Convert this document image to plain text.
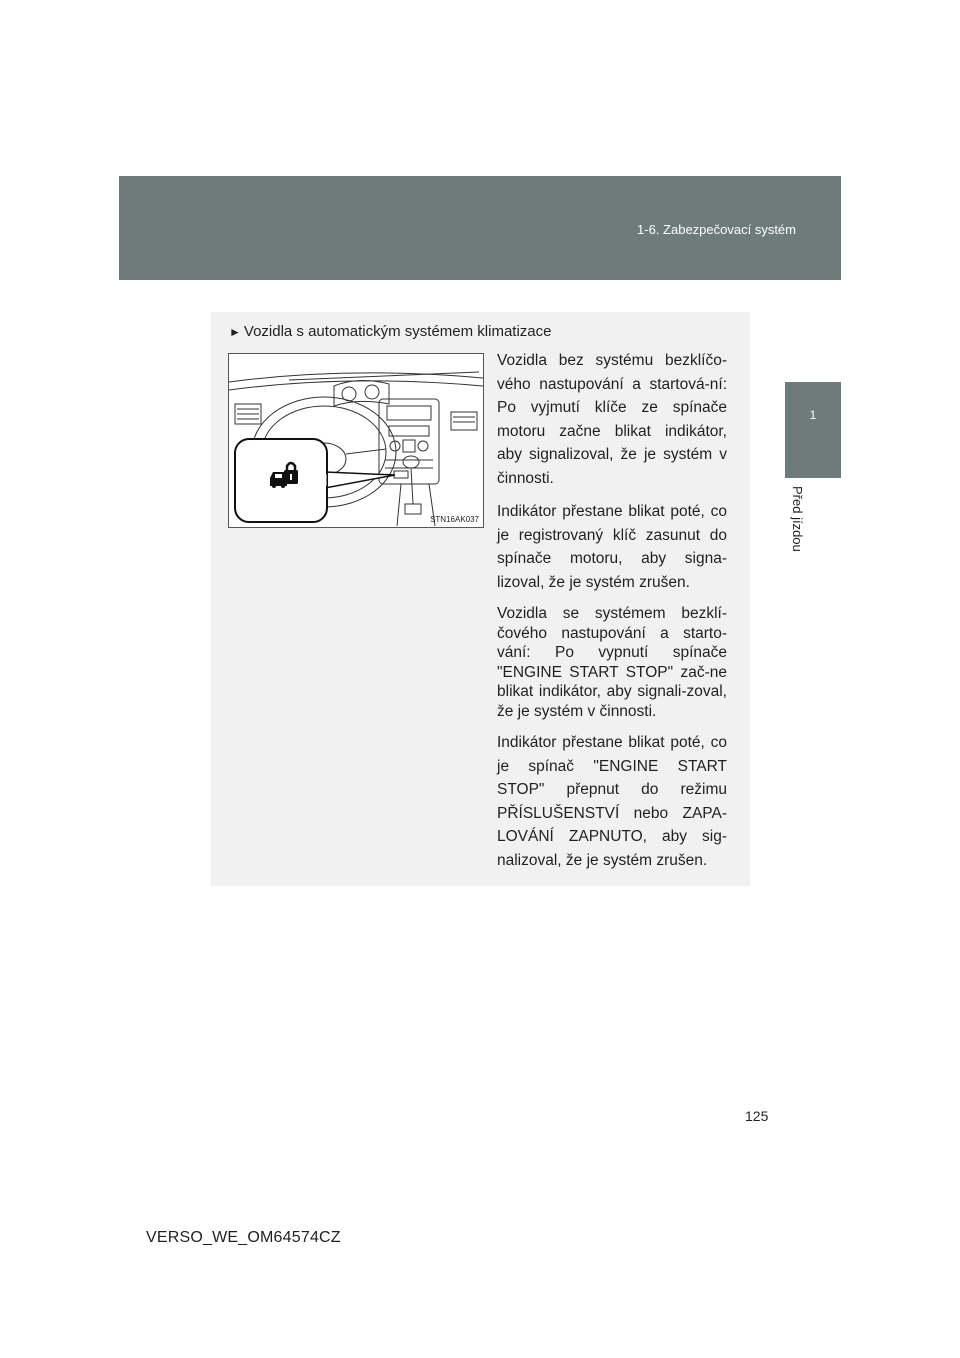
1-6. Zabezpečovací systém
1
Před jízdou
► Vozidla s automatickým systémem klimatizace
STN16AK037

Vozidla bez systému bezklíčo-vého nastupování a startová-ní: Po vyjmutí klíče ze spínače motoru začne blikat indikátor, aby signalizoval, že je systém v činnosti.

Indikátor přestane blikat poté, co je registrovaný klíč zasunut do spínače motoru, aby signa-lizoval, že je systém zrušen.

Vozidla se systémem bezklí-čového nastupování a starto-vání: Po vypnutí spínače "ENGINE START STOP" zač-ne blikat indikátor, aby signali-zoval, že je systém v činnosti.

Indikátor přestane blikat poté, co je spínač "ENGINE START STOP" přepnut do režimu PŘÍSLUŠENSTVÍ nebo ZAPA-LOVÁNÍ ZAPNUTO, aby sig-nalizoval, že je systém zrušen.

125
VERSO_WE_OM64574CZ
